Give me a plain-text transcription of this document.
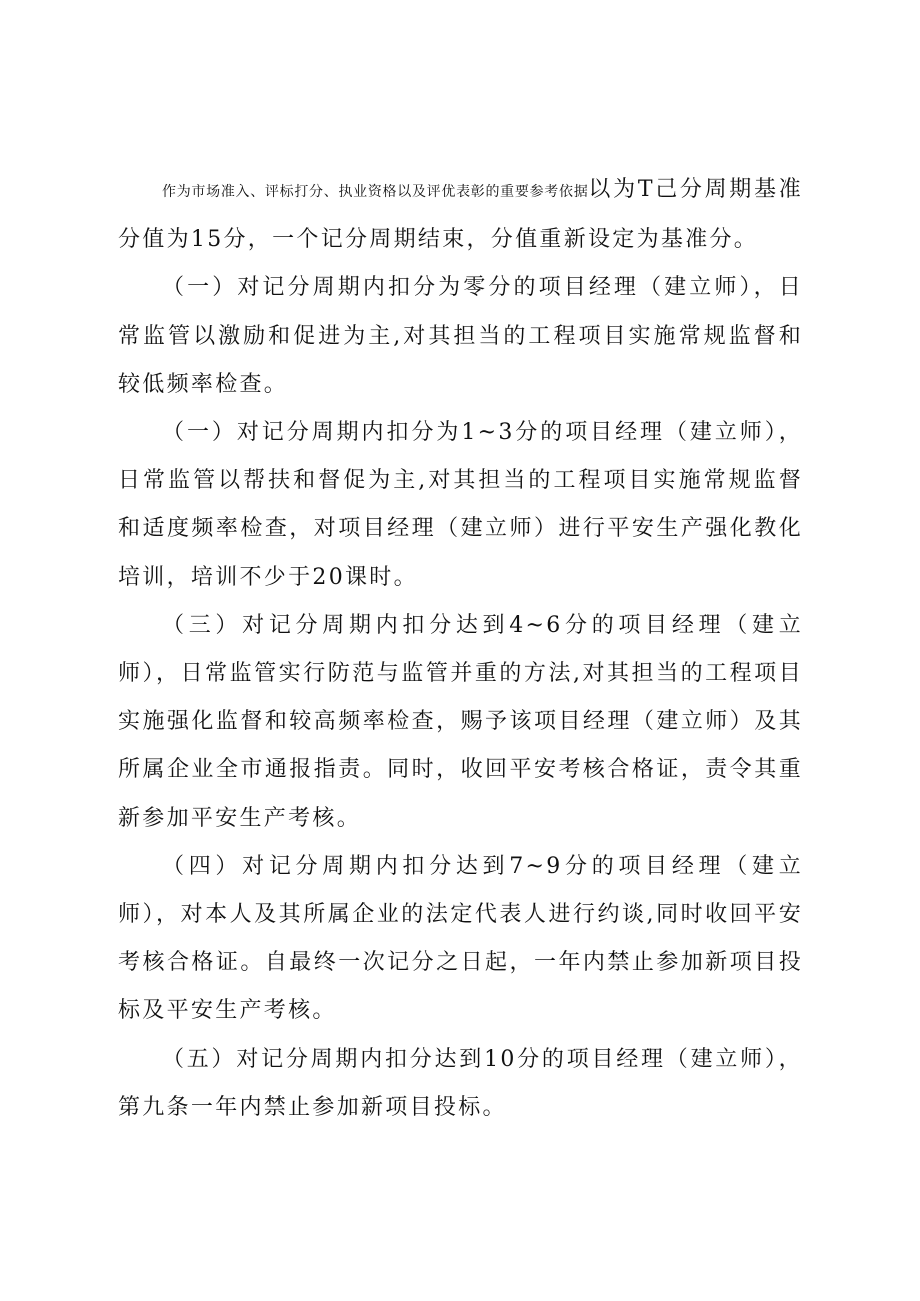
作为市场准入、评标打分、执业资格以及评优表彰的重要参考依据以为T己分周期基准分值为15分，一个记分周期结束，分值重新设定为基准分。

（一）对记分周期内扣分为零分的项目经理（建立师），日常监管以激励和促进为主,对其担当的工程项目实施常规监督和较低频率检查。

（一）对记分周期内扣分为1~3分的项目经理（建立师），日常监管以帮扶和督促为主,对其担当的工程项目实施常规监督和适度频率检查，对项目经理（建立师）进行平安生产强化教化培训，培训不少于20课时。

（三）对记分周期内扣分达到4~6分的项目经理（建立师），日常监管实行防范与监管并重的方法,对其担当的工程项目实施强化监督和较高频率检查，赐予该项目经理（建立师）及其所属企业全市通报指责。同时，收回平安考核合格证，责令其重新参加平安生产考核。

（四）对记分周期内扣分达到7~9分的项目经理（建立师），对本人及其所属企业的法定代表人进行约谈,同时收回平安考核合格证。自最终一次记分之日起，一年内禁止参加新项目投标及平安生产考核。

（五）对记分周期内扣分达到10分的项目经理（建立师），第九条一年内禁止参加新项目投标。
